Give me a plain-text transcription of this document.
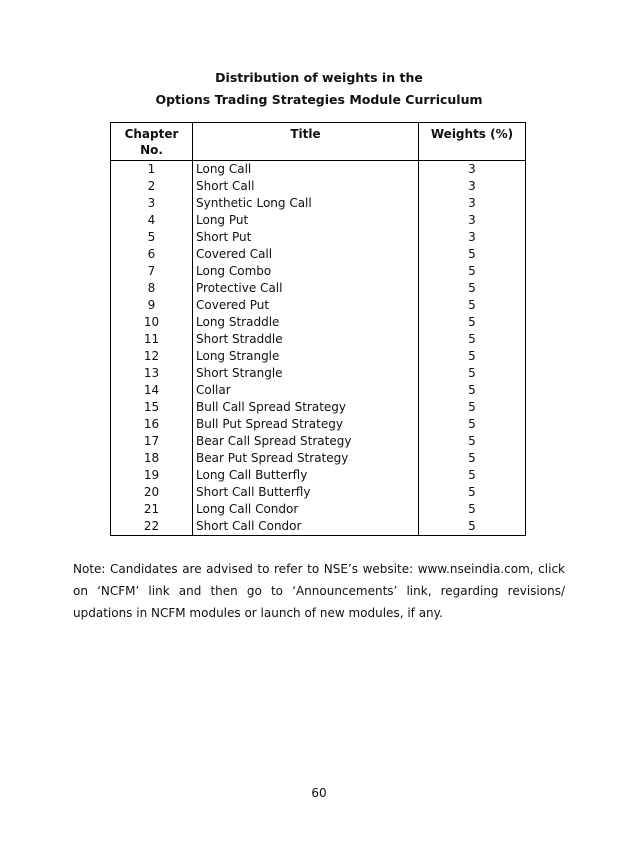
Distribution of weights in the
Options Trading Strategies Module Curriculum
Chapter No.	Title	Weights (%)
1	Long Call	3
2	Short Call	3
3	Synthetic Long Call	3
4	Long Put	3
5	Short Put	3
6	Covered Call	5
7	Long Combo	5
8	Protective Call	5
9	Covered Put	5
10	Long Straddle	5
11	Short Straddle	5
12	Long Strangle	5
13	Short Strangle	5
14	Collar	5
15	Bull Call Spread Strategy	5
16	Bull Put Spread Strategy	5
17	Bear Call Spread Strategy	5
18	Bear Put Spread Strategy	5
19	Long Call Butterfly	5
20	Short Call Butterfly	5
21	Long Call Condor	5
22	Short Call Condor	5
Note: Candidates are advised to refer to NSE’s website: www.nseindia.com, click on ‘NCFM’ link and then go to ‘Announcements’ link, regarding revisions/ updations in NCFM modules or launch of new modules, if any.
60
